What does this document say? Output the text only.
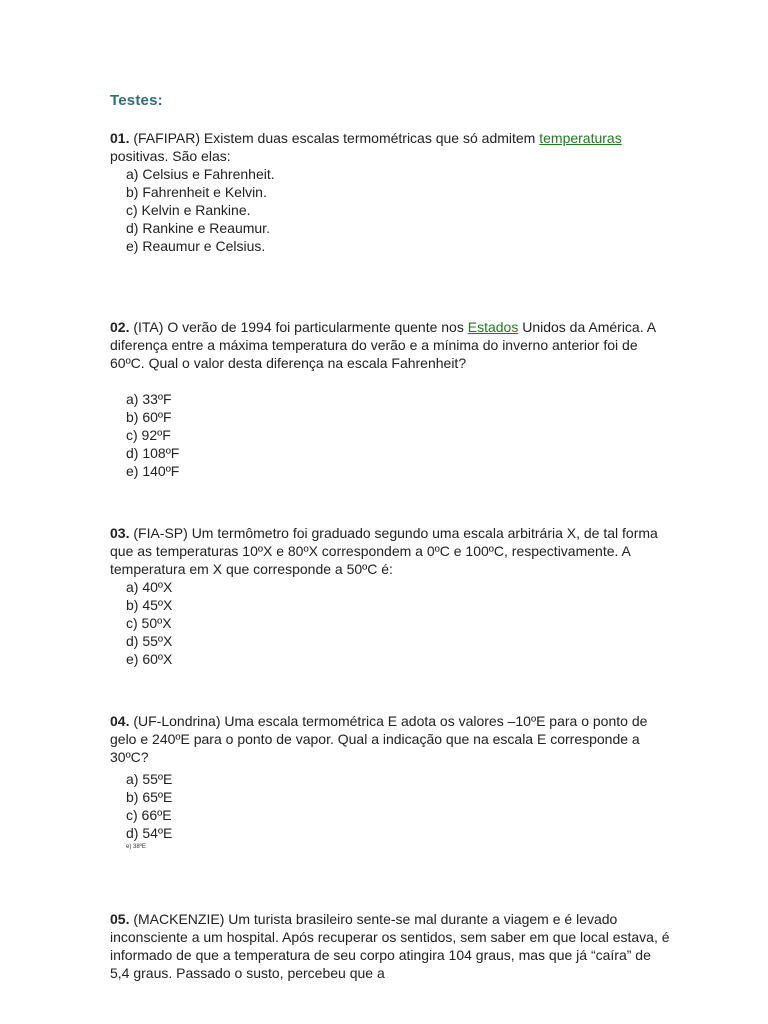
Testes:

01. (FAFIPAR) Existem duas escalas termométricas que só admitem temperaturas positivas. São elas:

a) Celsius e Fahrenheit.
b) Fahrenheit e Kelvin.
c) Kelvin e Rankine.
d) Rankine e Reaumur.
e) Reaumur e Celsius.

02. (ITA) O verão de 1994 foi particularmente quente nos Estados Unidos da América. A diferença entre a máxima temperatura do verão e a mínima do inverno anterior foi de 60ºC. Qual o valor desta diferença na escala Fahrenheit?

a) 33ºF
b) 60ºF
c) 92ºF
d) 108ºF
e) 140ºF

03. (FIA-SP) Um termômetro foi graduado segundo uma escala arbitrária X, de tal forma que as temperaturas 10ºX e 80ºX correspondem a 0ºC e 100ºC, respectivamente. A temperatura em X que corresponde a 50ºC é:

a) 40ºX
b) 45ºX
c) 50ºX
d) 55ºX
e) 60ºX

04. (UF-Londrina) Uma escala termométrica E adota os valores –10ºE para o ponto de gelo e 240ºE para o ponto de vapor. Qual a indicação que na escala E corresponde a 30ºC?

a) 55ºE
b) 65ºE
c) 66ºE
d) 54ºE
e) 38ºE

05. (MACKENZIE) Um turista brasileiro sente-se mal durante a viagem e é levado inconsciente a um hospital. Após recuperar os sentidos, sem saber em que local estava, é informado de que a temperatura de seu corpo atingira 104 graus, mas que já “caíra” de 5,4 graus. Passado o susto, percebeu que a
